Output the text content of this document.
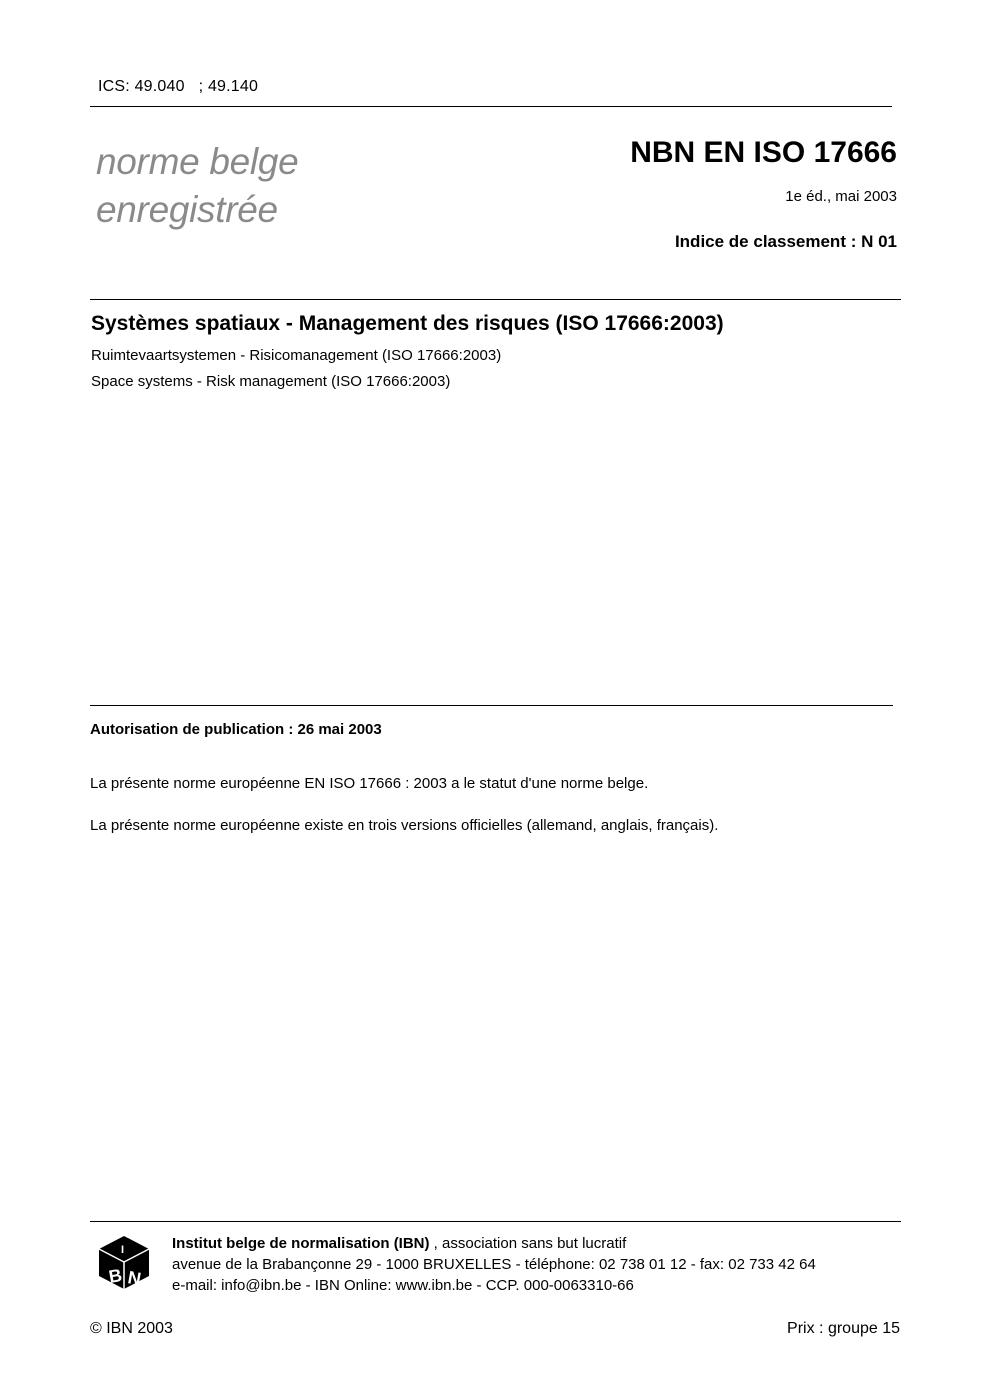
ICS: 49.040   ; 49.140
norme belge
enregistrée
NBN EN ISO 17666
1e éd., mai 2003
Indice de classement : N 01
Systèmes spatiaux - Management des risques (ISO 17666:2003)
Ruimtevaartsystemen - Risicomanagement (ISO 17666:2003)
Space systems - Risk management (ISO 17666:2003)
Autorisation de publication : 26 mai 2003
La présente norme européenne EN ISO 17666 : 2003 a le statut d'une norme belge.
La présente norme européenne existe en trois versions officielles (allemand, anglais, français).
B N
I	Institut belge de normalisation (IBN) , association sans but lucratif
avenue de la Brabançonne 29 - 1000 BRUXELLES - téléphone: 02 738 01 12 - fax: 02 733 42 64
e-mail: info@ibn.be - IBN Online: www.ibn.be - CCP. 000-0063310-66
© IBN 2003	Prix : groupe 15
